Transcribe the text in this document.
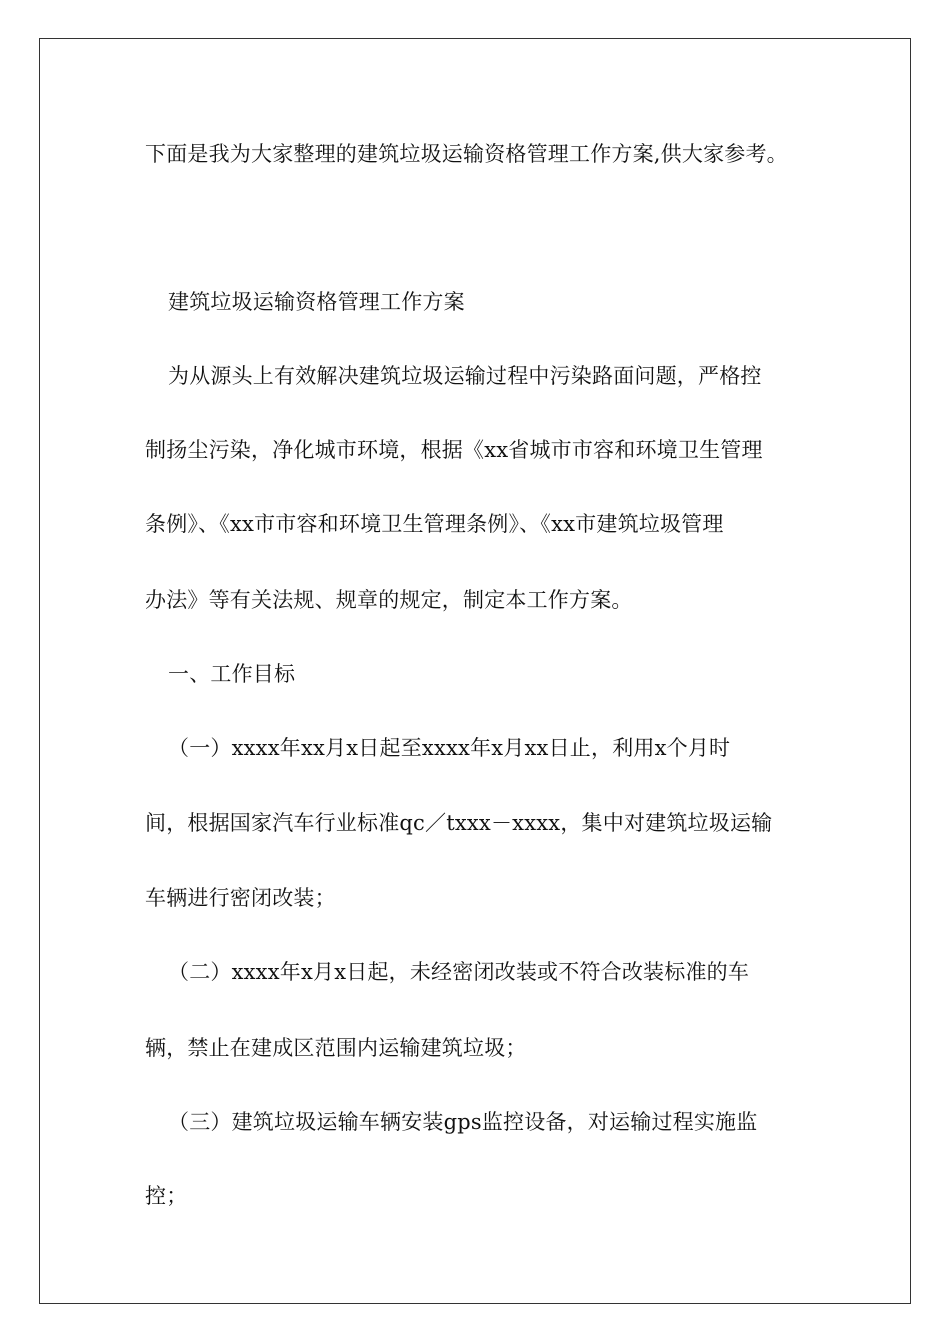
下面是我为大家整理的建筑垃圾运输资格管理工作方案,供大家参考。
建筑垃圾运输资格管理工作方案
为从源头上有效解决建筑垃圾运输过程中污染路面问题，严格控
制扬尘污染，净化城市环境，根据《xx省城市市容和环境卫生管理
条例》、《xx市市容和环境卫生管理条例》、《xx市建筑垃圾管理
办法》等有关法规、规章的规定，制定本工作方案。
一、工作目标
（一）xxxx年xx月x日起至xxxx年x月xx日止，利用x个月时
间，根据国家汽车行业标准qc／txxx－xxxx，集中对建筑垃圾运输
车辆进行密闭改装；
（二）xxxx年x月x日起，未经密闭改装或不符合改装标准的车
辆，禁止在建成区范围内运输建筑垃圾；
（三）建筑垃圾运输车辆安装gps监控设备，对运输过程实施监
控；
